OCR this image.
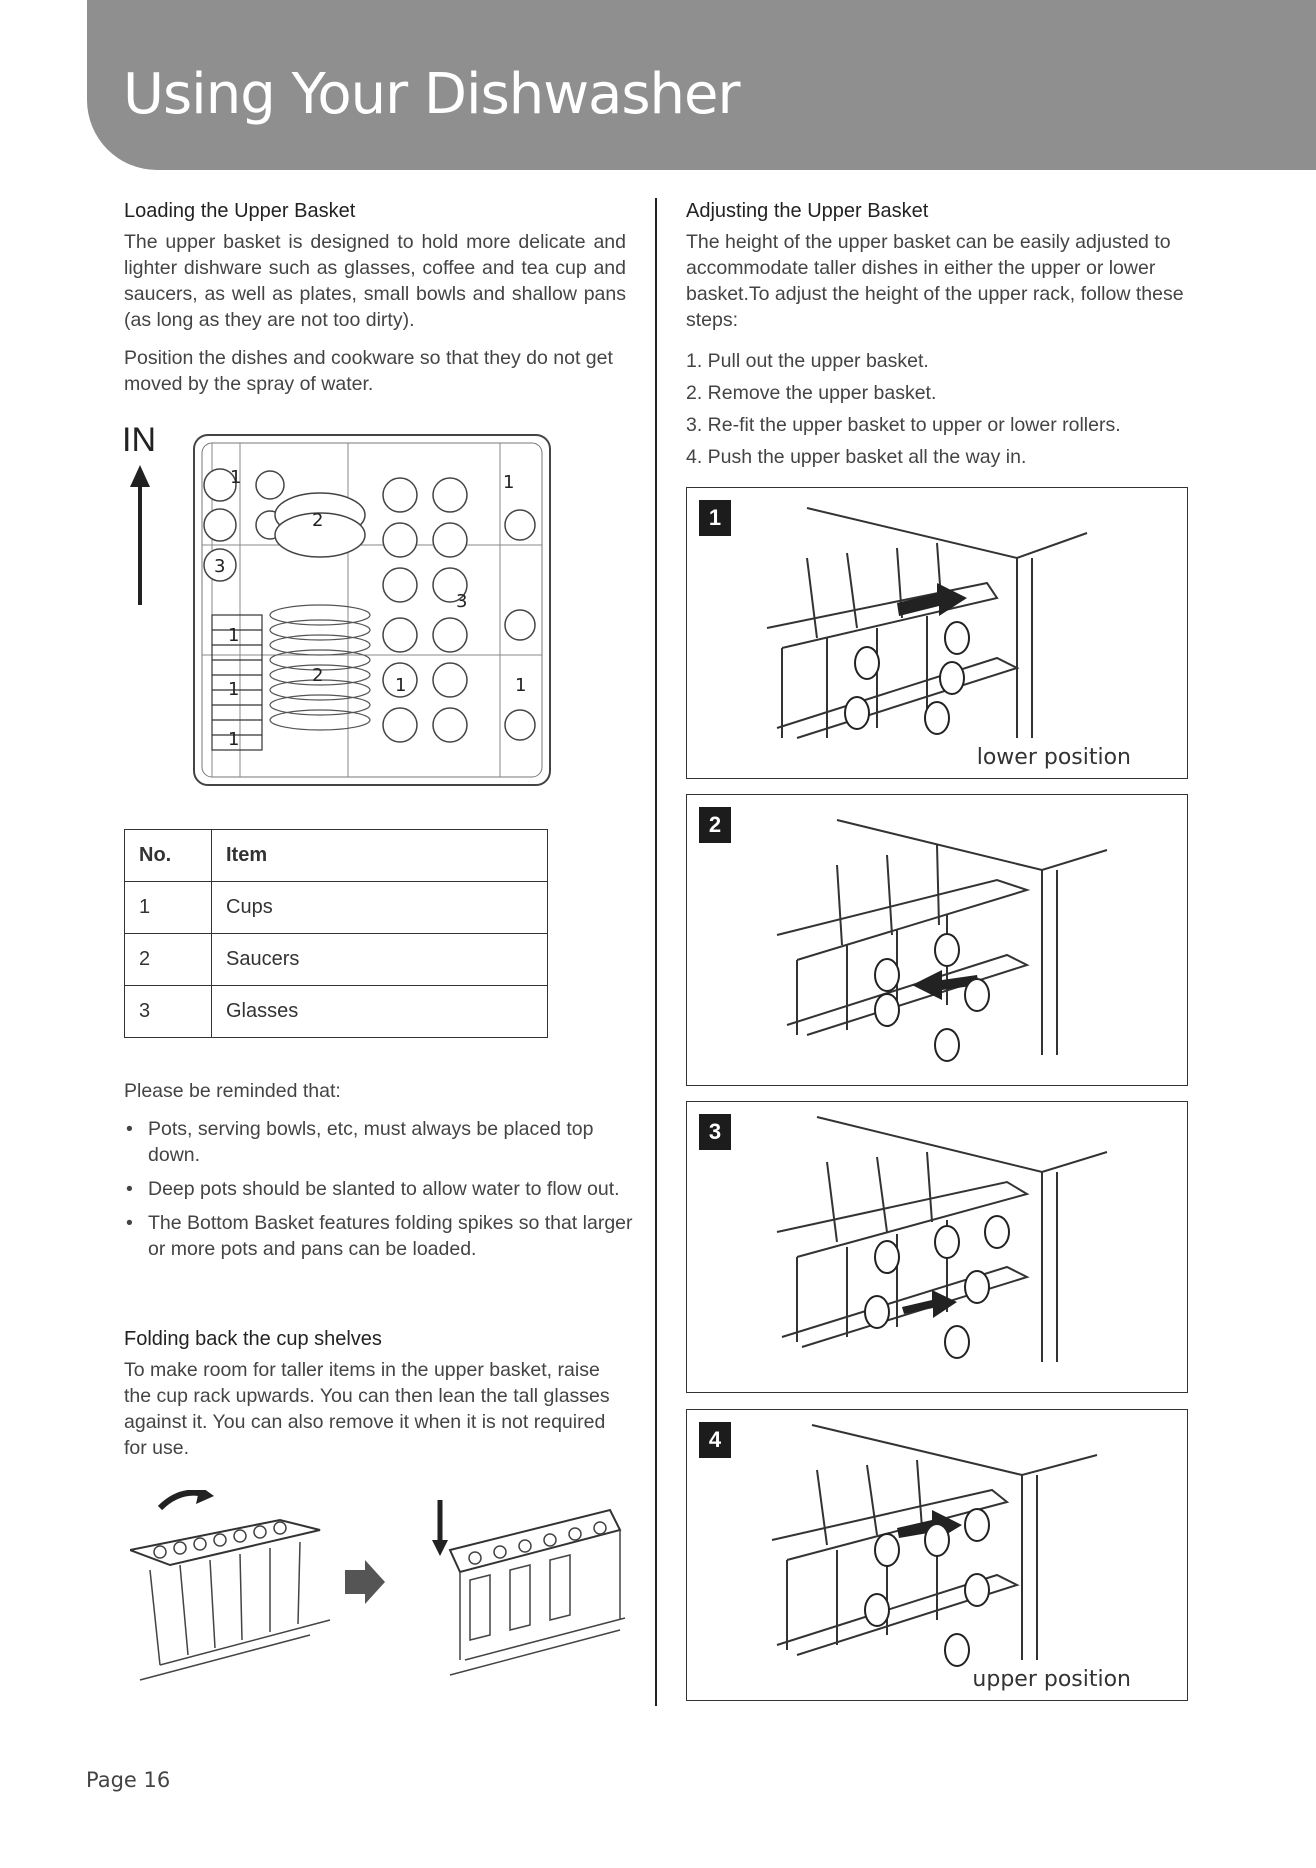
Using Your Dishwasher
Loading the Upper Basket

The upper basket is designed to hold more delicate and lighter dishware such as glasses, coffee and tea cup and saucers, as well as plates, small bowls and shallow pans (as long as they are not too dirty).

Position the dishes and cookware so that they do not get moved by the spray of water.

IN
1
2
1
3
3
1
2	1	1
1
1
No.	Item
1	Cups
2	Saucers
3	Glasses

Please be reminded that:

• Pots, serving bowls, etc, must always be placed top down.
• Deep pots should be slanted to allow water to flow out.
• The Bottom Basket features folding spikes so that larger or more pots and pans can be loaded.
Folding back the cup shelves

To make room for taller items in the upper basket, raise the cup rack upwards. You can then lean the tall glasses against it. You can also remove it when it is not required for use.

Adjusting the Upper Basket

The height of the upper basket can be easily adjusted to accommodate taller dishes in either the upper or lower basket.To adjust the height of the upper rack, follow these steps:

1. Pull out the upper basket.
2. Remove the upper basket.
3. Re-fit the upper basket to upper or lower rollers.
4. Push the upper basket all the way in.
1
lower position
2
3
4
upper position
Page 16
